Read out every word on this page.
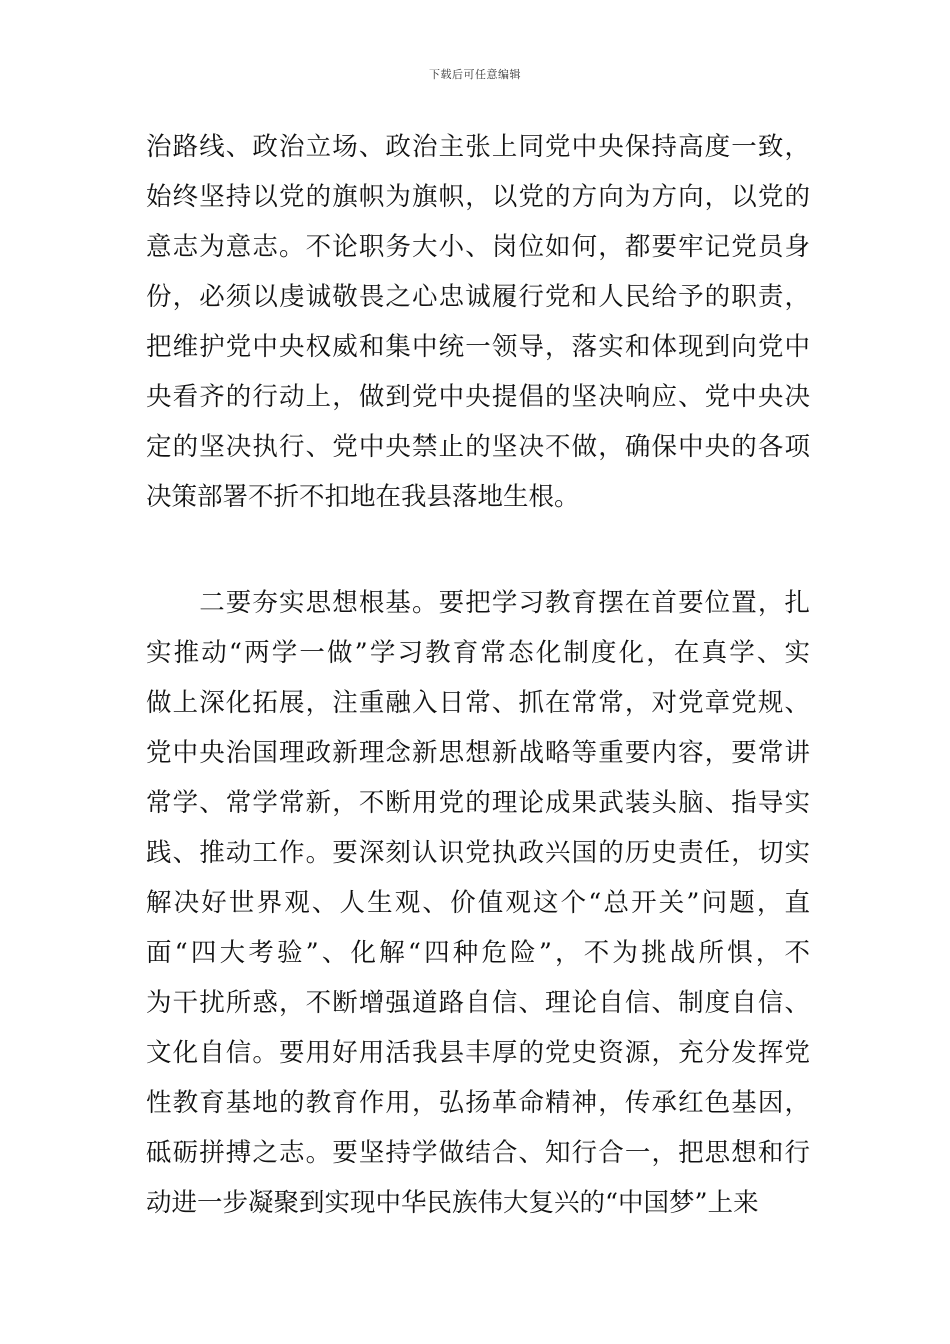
下载后可任意编辑
治路线、政治立场、政治主张上同党中央保持高度一致，
始终坚持以党的旗帜为旗帜，以党的方向为方向，以党的
意志为意志。不论职务大小、岗位如何，都要牢记党员身
份，必须以虔诚敬畏之心忠诚履行党和人民给予的职责，
把维护党中央权威和集中统一领导，落实和体现到向党中
央看齐的行动上，做到党中央提倡的坚决响应、党中央决
定的坚决执行、党中央禁止的坚决不做，确保中央的各项
决策部署不折不扣地在我县落地生根。
　　二要夯实思想根基。要把学习教育摆在首要位置，扎
实推动“两学一做”学习教育常态化制度化，在真学、实
做上深化拓展，注重融入日常、抓在常常，对党章党规、
党中央治国理政新理念新思想新战略等重要内容，要常讲
常学、常学常新，不断用党的理论成果武装头脑、指导实
践、推动工作。要深刻认识党执政兴国的历史责任，切实
解决好世界观、人生观、价值观这个“总开关”问题，直
面“四大考验”、化解“四种危险”，不为挑战所惧，不
为干扰所惑，不断增强道路自信、理论自信、制度自信、
文化自信。要用好用活我县丰厚的党史资源，充分发挥党
性教育基地的教育作用，弘扬革命精神，传承红色基因，
砥砺拼搏之志。要坚持学做结合、知行合一，把思想和行
动进一步凝聚到实现中华民族伟大复兴的“中国梦”上来
